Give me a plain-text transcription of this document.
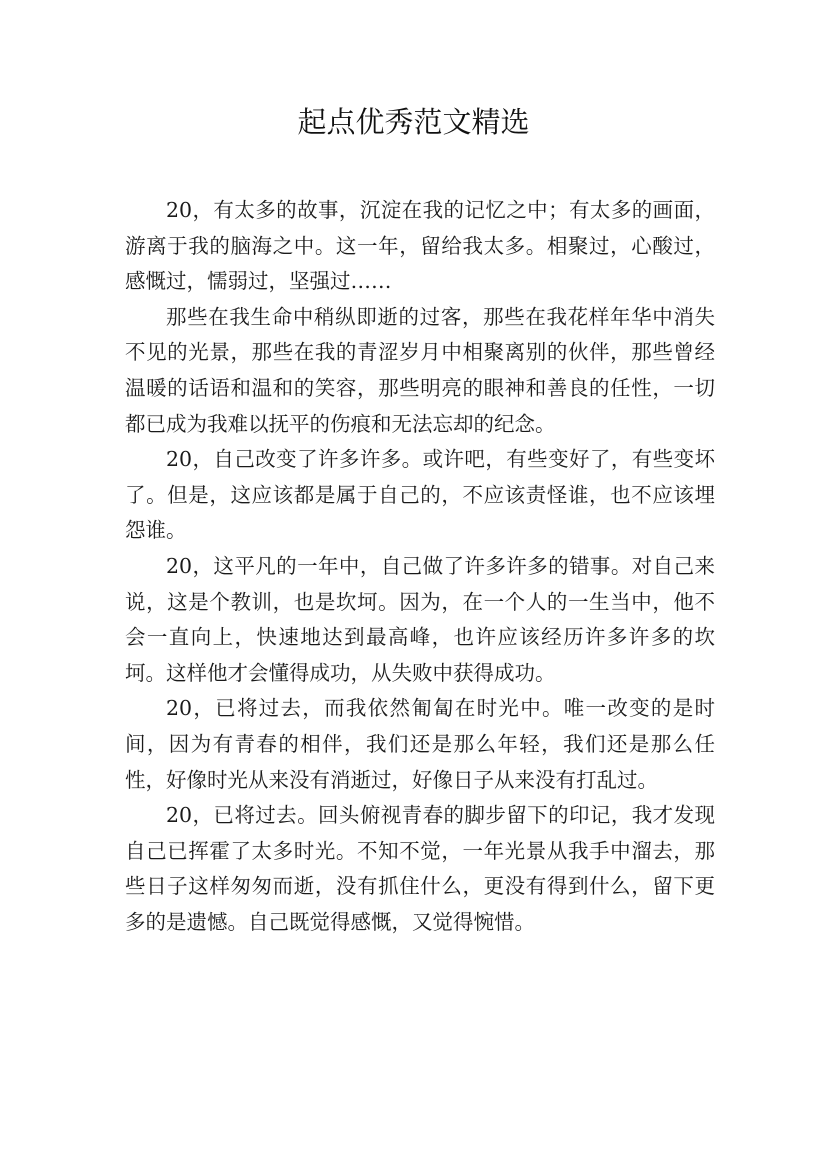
起点优秀范文精选

20，有太多的故事，沉淀在我的记忆之中；有太多的画面，游离于我的脑海之中。这一年，留给我太多。相聚过，心酸过，感慨过，懦弱过，坚强过……

那些在我生命中稍纵即逝的过客，那些在我花样年华中消失不见的光景，那些在我的青涩岁月中相聚离别的伙伴，那些曾经温暖的话语和温和的笑容，那些明亮的眼神和善良的任性，一切都已成为我难以抚平的伤痕和无法忘却的纪念。

20，自己改变了许多许多。或许吧，有些变好了，有些变坏了。但是，这应该都是属于自己的，不应该责怪谁，也不应该埋怨谁。

20，这平凡的一年中，自己做了许多许多的错事。对自己来说，这是个教训，也是坎坷。因为，在一个人的一生当中，他不会一直向上，快速地达到最高峰，也许应该经历许多许多的坎坷。这样他才会懂得成功，从失败中获得成功。

20，已将过去，而我依然匍匐在时光中。唯一改变的是时间，因为有青春的相伴，我们还是那么年轻，我们还是那么任性，好像时光从来没有消逝过，好像日子从来没有打乱过。

20，已将过去。回头俯视青春的脚步留下的印记，我才发现自己已挥霍了太多时光。不知不觉，一年光景从我手中溜去，那些日子这样匆匆而逝，没有抓住什么，更没有得到什么，留下更多的是遗憾。自己既觉得感慨，又觉得惋惜。
